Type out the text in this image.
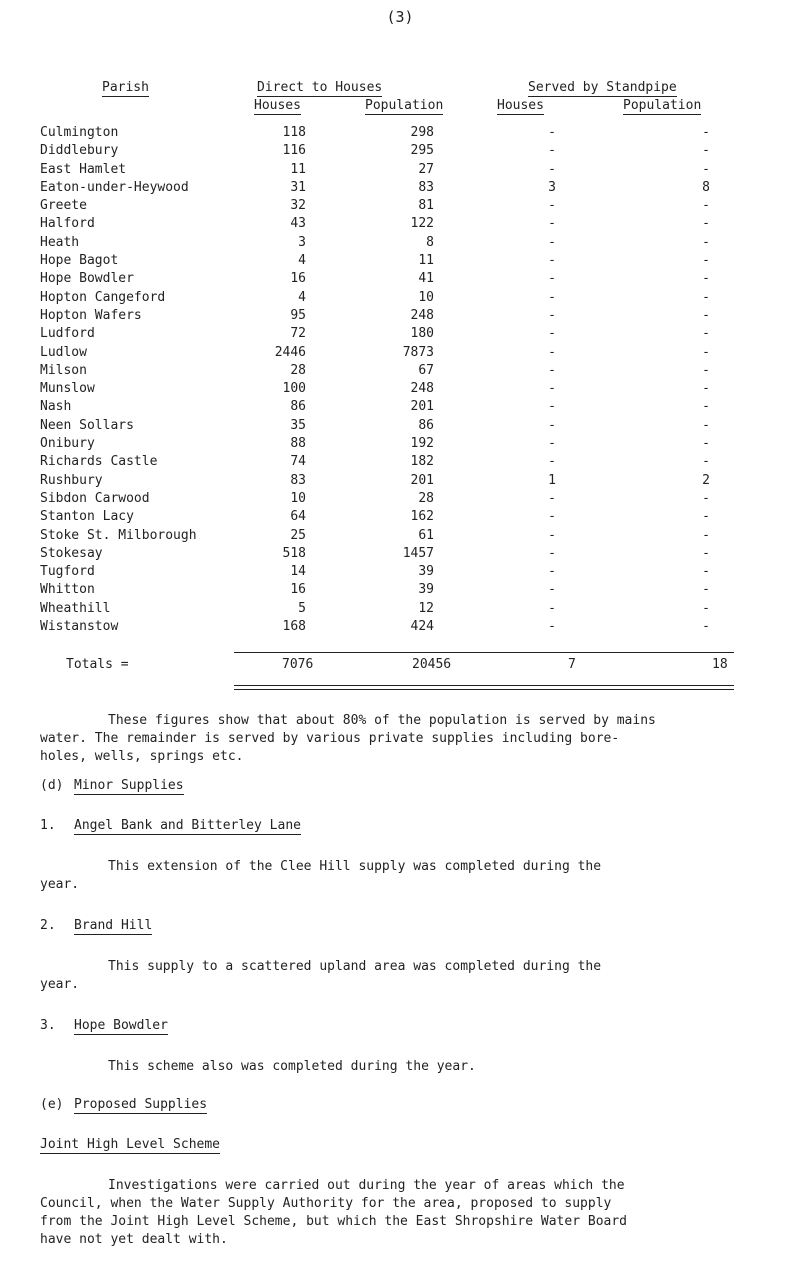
(3)
Parish	Direct to Houses	Served by Standpipe
Houses	Population	Houses	Population
Culmington	118	298	-	-
Diddlebury	116	295	-	-
East Hamlet	11	27	-	-
Eaton-under-Heywood	31	83	3	8
Greete	32	81	-	-
Halford	43	122	-	-
Heath	3	8	-	-
Hope Bagot	4	11	-	-
Hope Bowdler	16	41	-	-
Hopton Cangeford	4	10	-	-
Hopton Wafers	95	248	-	-
Ludford	72	180	-	-
Ludlow	2446	7873	-	-
Milson	28	67	-	-
Munslow	100	248	-	-
Nash	86	201	-	-
Neen Sollars	35	86	-	-
Onibury	88	192	-	-
Richards Castle	74	182	-	-
Rushbury	83	201	1	2
Sibdon Carwood	10	28	-	-
Stanton Lacy	64	162	-	-
Stoke St. Milborough	25	61	-	-
Stokesay	518	1457	-	-
Tugford	14	39	-	-
Whitton	16	39	-	-
Wheathill	5	12	-	-
Wistanstow	168	424	-	-
Totals =	7076	20456	7	18
These figures show that about 80% of the population is served by mains
water. The remainder is served by various private supplies including bore-
holes, wells, springs etc.
(d) Minor Supplies
1. Angel Bank and Bitterley Lane
This extension of the Clee Hill supply was completed during the
year.
2. Brand Hill
This supply to a scattered upland area was completed during the
year.
3. Hope Bowdler
This scheme also was completed during the year.
(e) Proposed Supplies
Joint High Level Scheme
Investigations were carried out during the year of areas which the
Council, when the Water Supply Authority for the area, proposed to supply
from the Joint High Level Scheme, but which the East Shropshire Water Board
have not yet dealt with.
